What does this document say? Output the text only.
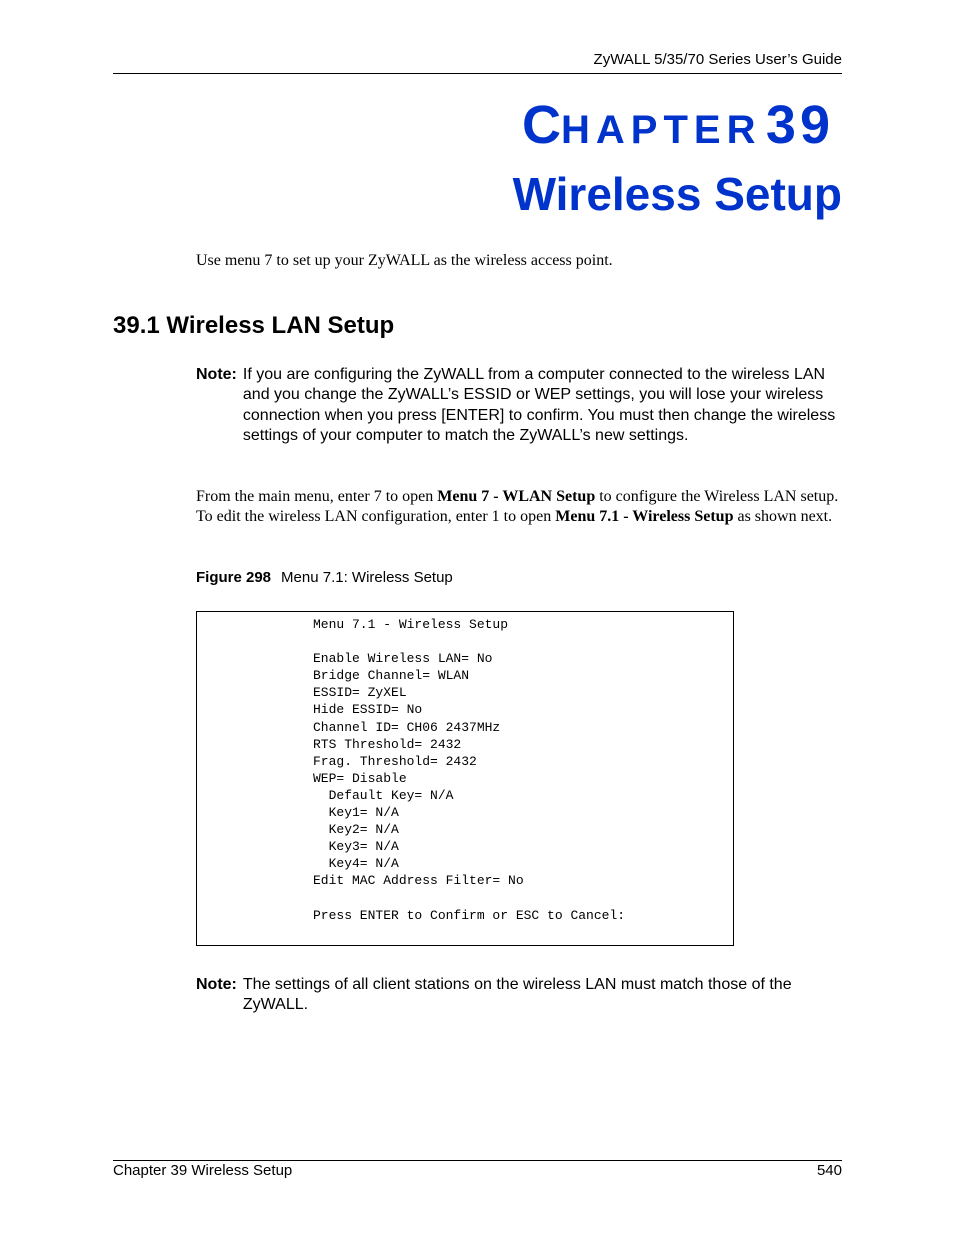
ZyWALL 5/35/70 Series User’s Guide
CHAPTER 39
Wireless Setup
Use menu 7 to set up your ZyWALL as the wireless access point.
39.1 Wireless LAN Setup
Note: If you are configuring the ZyWALL from a computer connected to the wireless LAN and you change the ZyWALL’s ESSID or WEP settings, you will lose your wireless connection when you press [ENTER] to confirm. You must then change the wireless settings of your computer to match the ZyWALL’s new settings.
From the main menu, enter 7 to open Menu 7 - WLAN Setup to configure the Wireless LAN setup. To edit the wireless LAN configuration, enter 1 to open Menu 7.1 - Wireless Setup as shown next.
Figure 298 Menu 7.1: Wireless Setup
Menu 7.1 - Wireless Setup

Enable Wireless LAN= No
Bridge Channel= WLAN
ESSID= ZyXEL
Hide ESSID= No
Channel ID= CH06 2437MHz
RTS Threshold= 2432
Frag. Threshold= 2432
WEP= Disable
Default Key= N/A
Key1= N/A
Key2= N/A
Key3= N/A
Key4= N/A
Edit MAC Address Filter= No

Press ENTER to Confirm or ESC to Cancel:
Note: The settings of all client stations on the wireless LAN must match those of the ZyWALL.
Chapter 39 Wireless Setup	540
